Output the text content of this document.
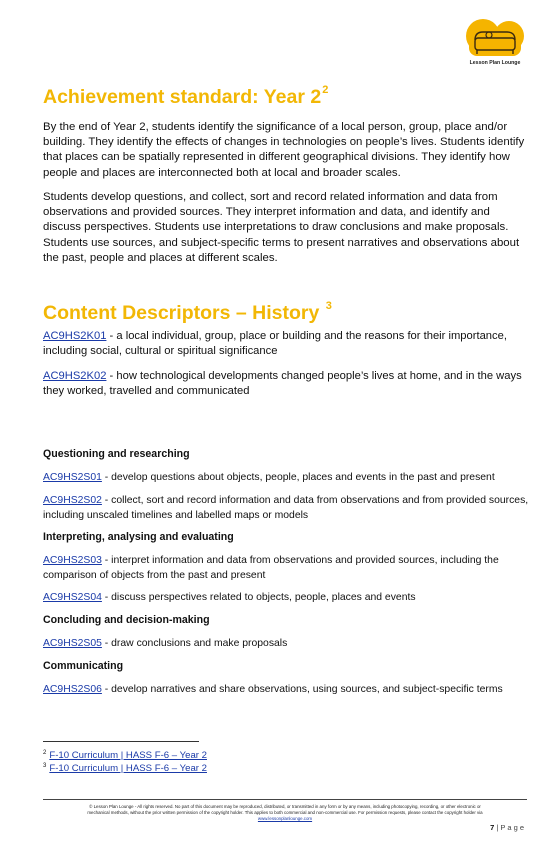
Lesson Plan Lounge
Achievement standard: Year $2^2$

By the end of Year 2, students identify the significance of a local person, group, place and/or building. They identify the effects of changes in technologies on people’s lives. Students identify that places can be spatially represented in different geographical divisions. They identify how people and places are interconnected both at local and broader scales.

Students develop questions, and collect, sort and record related information and data from observations and provided sources. They interpret information and data, and identify and discuss perspectives. Students use interpretations to draw conclusions and make proposals. Students use sources, and subject-specific terms to present narratives and observations about the past, people and places at different scales.

Content Descriptors – History $^3$

AC9HS2K01 - a local individual, group, place or building and the reasons for their importance, including social, cultural or spiritual significance

AC9HS2K02 - how technological developments changed people’s lives at home, and in the ways they worked, travelled and communicated

Questioning and researching

AC9HS2S01 - develop questions about objects, people, places and events in the past and present

AC9HS2S02 - collect, sort and record information and data from observations and from provided sources, including unscaled timelines and labelled maps or models

Interpreting, analysing and evaluating

AC9HS2S03 - interpret information and data from observations and provided sources, including the comparison of objects from the past and present

AC9HS2S04 - discuss perspectives related to objects, people, places and events

Concluding and decision-making

AC9HS2S05 - draw conclusions and make proposals

Communicating

AC9HS2S06 - develop narratives and share observations, using sources, and subject-specific terms

$^2$ F-10 Curriculum | HASS F-6 – Year 2
$^3$ F-10 Curriculum | HASS F-6 – Year 2
© Lesson Plan Lounge - All rights reserved. No part of this document may be reproduced, distributed, or transmitted in any form or by any means, including photocopying, recording, or other electronic or
mechanical methods, without the prior written permission of the copyright holder. This applies to both commercial and non-commercial use. For permission requests, please contact the copyright holder via
www.lessonplanlounge.com
7 | P a g e
